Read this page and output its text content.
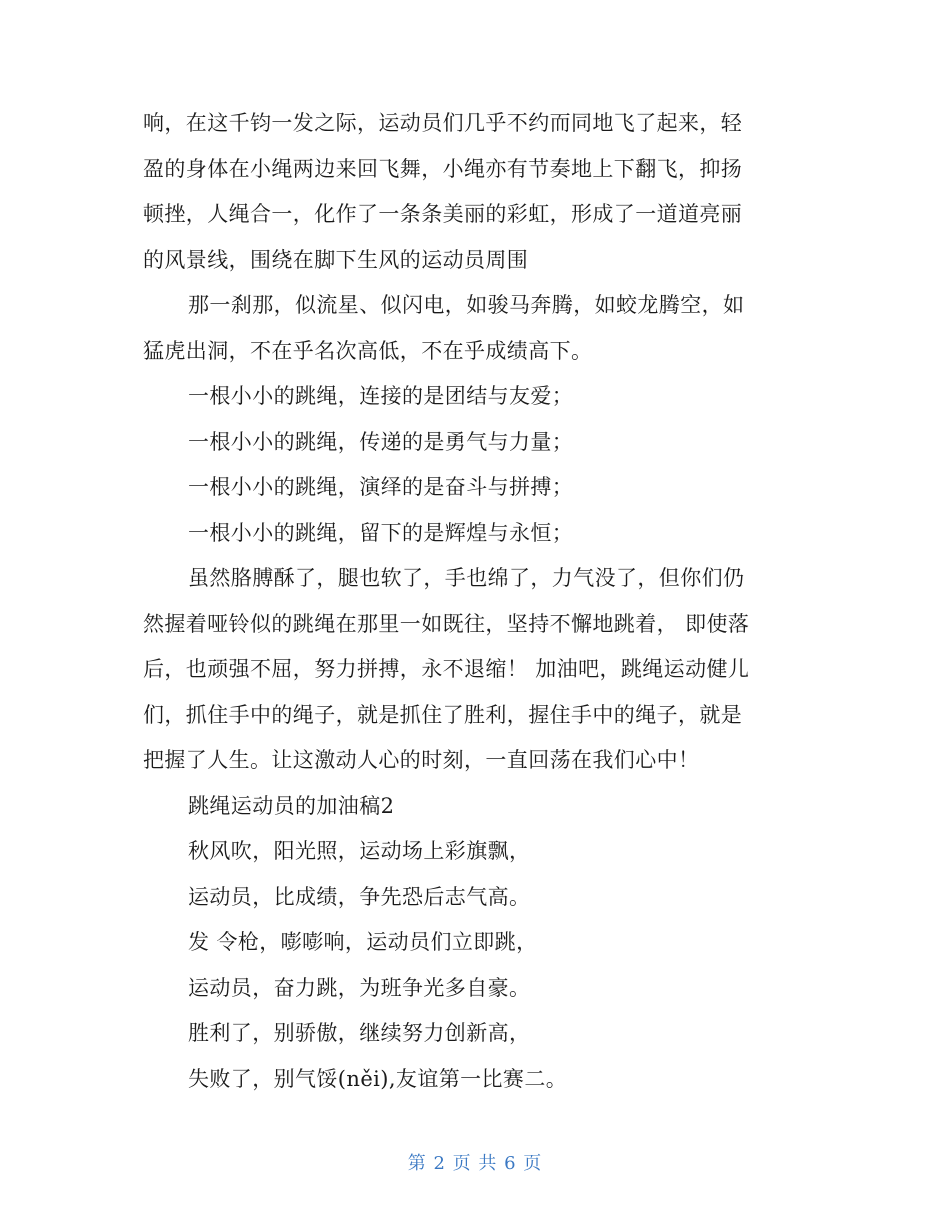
响，在这千钧一发之际，运动员们几乎不约而同地飞了起来，轻
盈的身体在小绳两边来回飞舞，小绳亦有节奏地上下翻飞，抑扬
顿挫，人绳合一，化作了一条条美丽的彩虹，形成了一道道亮丽
的风景线，围绕在脚下生风的运动员周围
那一刹那，似流星、似闪电，如骏马奔腾，如蛟龙腾空，如
猛虎出洞，不在乎名次高低，不在乎成绩高下。
一根小小的跳绳，连接的是团结与友爱；
一根小小的跳绳，传递的是勇气与力量；
一根小小的跳绳，演绎的是奋斗与拼搏；
一根小小的跳绳，留下的是辉煌与永恒；
虽然胳膊酥了，腿也软了，手也绵了，力气没了，但你们仍
然握着哑铃似的跳绳在那里一如既往，坚持不懈地跳着， 即使落
后，也顽强不屈，努力拼搏，永不退缩！ 加油吧，跳绳运动健儿
们，抓住手中的绳子，就是抓住了胜利，握住手中的绳子，就是
把握了人生。让这激动人心的时刻，一直回荡在我们心中！
跳绳运动员的加油稿2
秋风吹，阳光照，运动场上彩旗飘，
运动员，比成绩，争先恐后志气高。
发 令枪，嘭嘭响，运动员们立即跳，
运动员，奋力跳，为班争光多自豪。
胜利了，别骄傲，继续努力创新高，
失败了，别气馁(něi),友谊第一比赛二。
第 2 页 共 6 页
